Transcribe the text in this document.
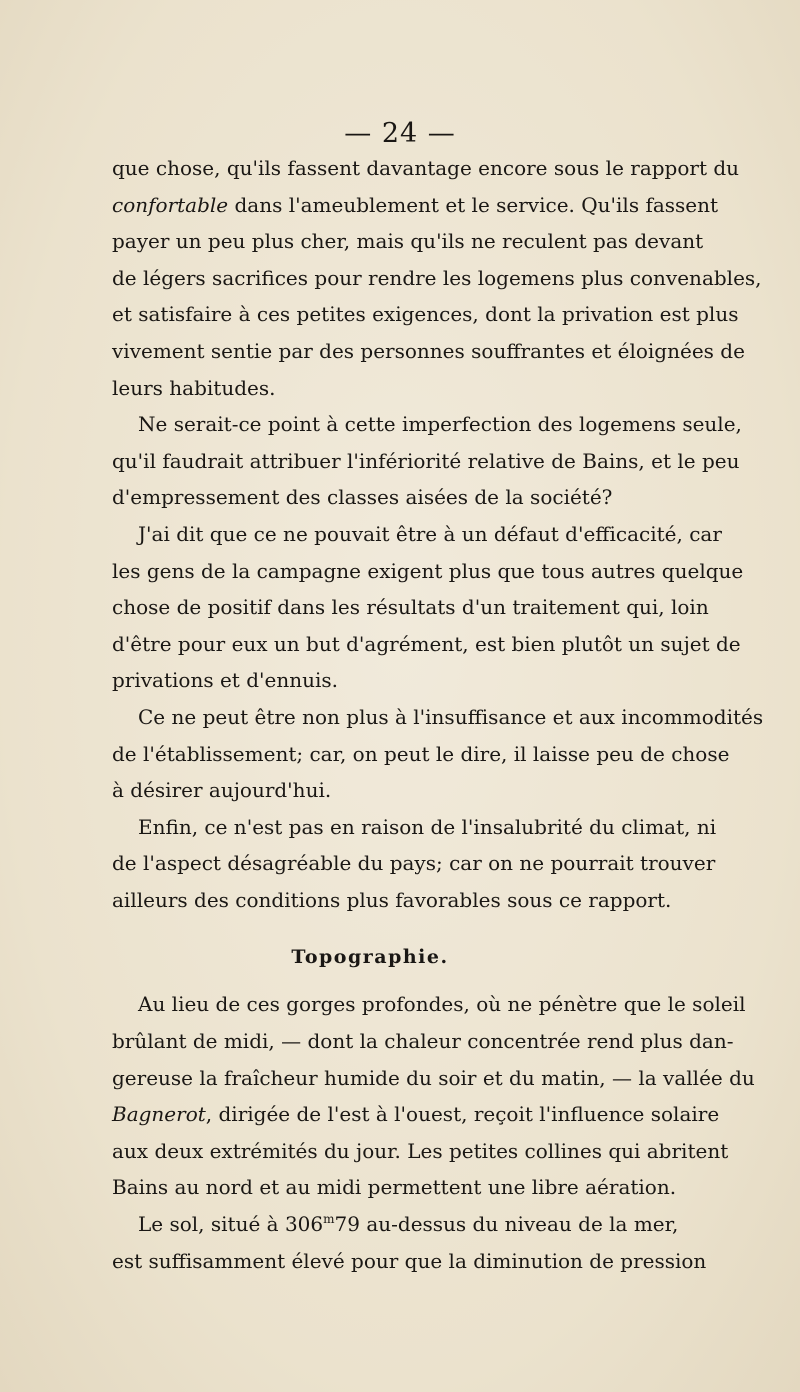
— 24 —
que chose, qu'ils fassent davantage encore sous le rapport du
confortable dans l'ameublement et le service. Qu'ils fassent
payer un peu plus cher, mais qu'ils ne reculent pas devant
de légers sacrifices pour rendre les logemens plus convenables,
et satisfaire à ces petites exigences, dont la privation est plus
vivement sentie par des personnes souffrantes et éloignées de
leurs habitudes.
Ne serait-ce point à cette imperfection des logemens seule,
qu'il faudrait attribuer l'infériorité relative de Bains, et le peu
d'empressement des classes aisées de la société?
J'ai dit que ce ne pouvait être à un défaut d'efficacité, car
les gens de la campagne exigent plus que tous autres quelque
chose de positif dans les résultats d'un traitement qui, loin
d'être pour eux un but d'agrément, est bien plutôt un sujet de
privations et d'ennuis.
Ce ne peut être non plus à l'insuffisance et aux incommodités
de l'établissement; car, on peut le dire, il laisse peu de chose
à désirer aujourd'hui.
Enfin, ce n'est pas en raison de l'insalubrité du climat, ni
de l'aspect désagréable du pays; car on ne pourrait trouver
ailleurs des conditions plus favorables sous ce rapport.
Topographie.
Au lieu de ces gorges profondes, où ne pénètre que le soleil
brûlant de midi, — dont la chaleur concentrée rend plus dan-
gereuse la fraîcheur humide du soir et du matin, — la vallée du
Bagnerot, dirigée de l'est à l'ouest, reçoit l'influence solaire
aux deux extrémités du jour. Les petites collines qui abritent
Bains au nord et au midi permettent une libre aération.
Le sol, situé à 306$^m$79 au-dessus du niveau de la mer,
est suffisamment élevé pour que la diminution de pression
